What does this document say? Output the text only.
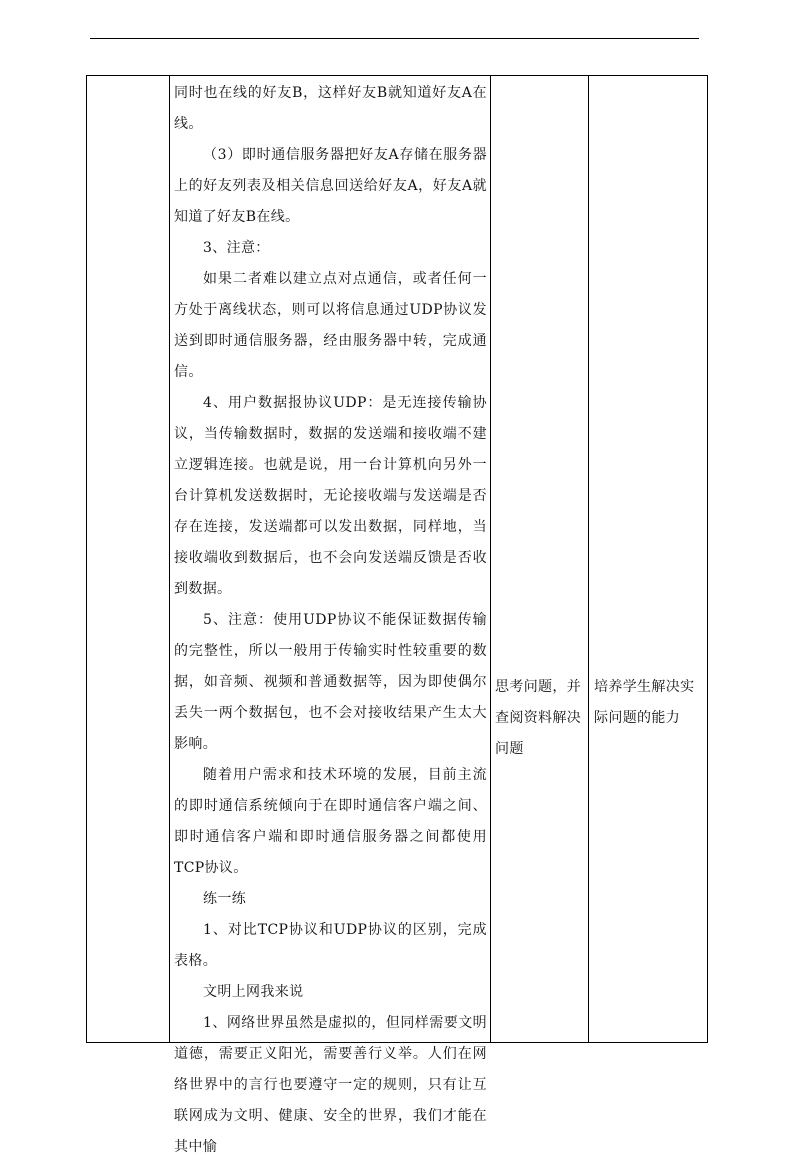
同时也在线的好友B，这样好友B就知道好友A在线。

（3）即时通信服务器把好友A存储在服务器上的好友列表及相关信息回送给好友A，好友A就知道了好友B在线。

3、注意：

如果二者难以建立点对点通信，或者任何一方处于离线状态，则可以将信息通过UDP协议发送到即时通信服务器，经由服务器中转，完成通信。

4、用户数据报协议UDP：是无连接传输协议，当传输数据时，数据的发送端和接收端不建立逻辑连接。也就是说，用一台计算机向另外一台计算机发送数据时，无论接收端与发送端是否存在连接，发送端都可以发出数据，同样地，当接收端收到数据后，也不会向发送端反馈是否收到数据。

5、注意：使用UDP协议不能保证数据传输的完整性，所以一般用于传输实时性较重要的数据，如音频、视频和普通数据等，因为即使偶尔丢失一两个数据包，也不会对接收结果产生太大影响。

随着用户需求和技术环境的发展，目前主流的即时通信系统倾向于在即时通信客户端之间、即时通信客户端和即时通信服务器之间都使用TCP协议。

练一练

1、对比TCP协议和UDP协议的区别，完成表格。

文明上网我来说

1、网络世界虽然是虚拟的，但同样需要文明道德，需要正义阳光，需要善行义举。人们在网络世界中的言行也要遵守一定的规则，只有让互联网成为文明、健康、安全的世界，我们才能在其中愉

思考问题，并查阅资料解决问题

培养学生解决实际问题的能力
